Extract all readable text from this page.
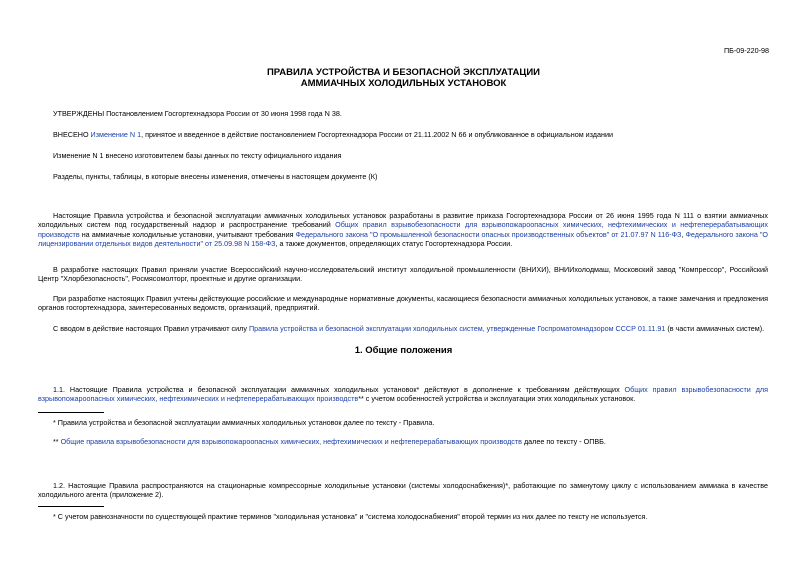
ПБ-09-220-98
ПРАВИЛА УСТРОЙСТВА И БЕЗОПАСНОЙ ЭКСПЛУАТАЦИИ
АММИАЧНЫХ ХОЛОДИЛЬНЫХ УСТАНОВОК
УТВЕРЖДЕНЫ Постановлением Госгортехнадзора России от 30 июня 1998 года N 38.
ВНЕСЕНО Изменение N 1, принятое и введенное в действие постановлением Госгортехнадзора России от 21.11.2002 N 66 и опубликованное в официальном издании
Изменение N 1 внесено изготовителем базы данных по тексту официального издания
Разделы, пункты, таблицы, в которые внесены изменения, отмечены в настоящем документе (К)
Настоящие Правила устройства и безопасной эксплуатации аммиачных холодильных установок разработаны в развитие приказа Госгортехнадзора России от 26 июня 1995 года N 111 о взятии аммиачных холодильных систем под государственный надзор и распространение требований Общих правил взрывобезопасности для взрывопожароопасных химических, нефтехимических и нефтеперерабатывающих производств на аммиачные холодильные установки, учитывают требования Федерального закона "О промышленной безопасности опасных производственных объектов" от 21.07.97 N 116-ФЗ, Федерального закона "О лицензировании отдельных видов деятельности" от 25.09.98 N 158-ФЗ, а также документов, определяющих статус Госгортехнадзора России.
В разработке настоящих Правил приняли участие Всероссийский научно-исследовательский институт холодильной промышленности (ВНИХИ), ВНИИхолодмаш, Московский завод "Компрессор", Российский Центр "Хлорбезопасность", Росмясомолторг, проектные и другие организации.
При разработке настоящих Правил учтены действующие российские и международные нормативные документы, касающиеся безопасности аммиачных холодильных установок, а также замечания и предложения органов госгортехнадзора, заинтересованных ведомств, организаций, предприятий.
С вводом в действие настоящих Правил утрачивают силу Правила устройства и безопасной эксплуатации холодильных систем, утвержденные Госпроматомнадзором СССР 01.11.91 (в части аммиачных систем).
1. Общие положения
1.1. Настоящие Правила устройства и безопасной эксплуатации аммиачных холодильных установок* действуют в дополнение к требованиям действующих Общих правил взрывобезопасности для взрывопожароопасных химических, нефтехимических и нефтеперерабатывающих производств** с учетом особенностей устройства и эксплуатации этих холодильных установок.
* Правила устройства и безопасной эксплуатации аммиачных холодильных установок далее по тексту - Правила.
** Общие правила взрывобезопасности для взрывопожароопасных химических, нефтехимических и нефтеперерабатывающих производств далее по тексту - ОПВБ.
1.2. Настоящие Правила распространяются на стационарные компрессорные холодильные установки (системы холодоснабжения)*, работающие по замкнутому циклу с использованием аммиака в качестве холодильного агента (приложение 2).
* С учетом равнозначности по существующей практике терминов "холодильная установка" и "система холодоснабжения" второй термин из них далее по тексту не используется.
